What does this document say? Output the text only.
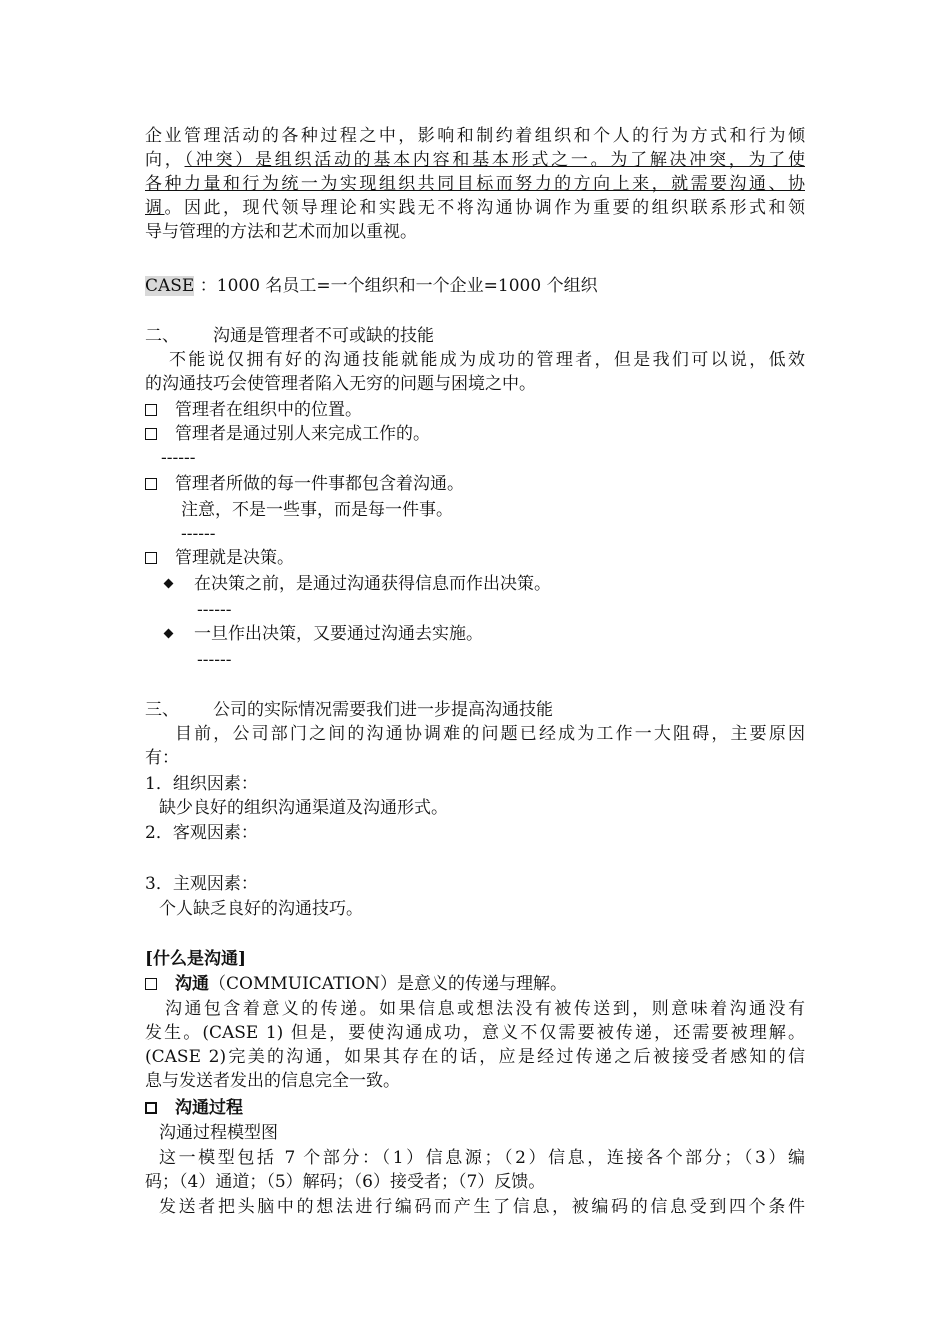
企业管理活动的各种过程之中，影响和制约着组织和个人的行为方式和行为倾
向，（冲突）是组织活动的基本内容和基本形式之一。为了解决冲突，为了使
各种力量和行为统一为实现组织共同目标而努力的方向上来，就需要沟通、协
调。因此，现代领导理论和实践无不将沟通协调作为重要的组织联系形式和领
导与管理的方法和艺术而加以重视。
CASE ：1000 名员工=一个组织和一个企业=1000 个组织
二、 沟通是管理者不可或缺的技能
不能说仅拥有好的沟通技能就能成为成功的管理者，但是我们可以说，低效
的沟通技巧会使管理者陷入无穷的问题与困境之中。
管理者在组织中的位置。
管理者是通过别人来完成工作的。
------
管理者所做的每一件事都包含着沟通。
注意，不是一些事，而是每一件事。
------
管理就是决策。
在决策之前，是通过沟通获得信息而作出决策。
------
一旦作出决策，又要通过沟通去实施。
------
三、 公司的实际情况需要我们进一步提高沟通技能
目前，公司部门之间的沟通协调难的问题已经成为工作一大阻碍，主要原因
有：
1．组织因素：
缺少良好的组织沟通渠道及沟通形式。
2．客观因素：
3．主观因素：
个人缺乏良好的沟通技巧。
[什么是沟通]
沟通（COMMUICATION）是意义的传递与理解。
沟通包含着意义的传递。如果信息或想法没有被传送到，则意味着沟通没有
发生。(CASE 1) 但是，要使沟通成功，意义不仅需要被传递，还需要被理解。
(CASE 2)完美的沟通，如果其存在的话，应是经过传递之后被接受者感知的信
息与发送者发出的信息完全一致。
沟通过程
沟通过程模型图
这一模型包括 7 个部分：（1）信息源；（2）信息，连接各个部分；（3）编
码；（4）通道；（5）解码；（6）接受者；（7）反馈。
发送者把头脑中的想法进行编码而产生了信息，被编码的信息受到四个条件
